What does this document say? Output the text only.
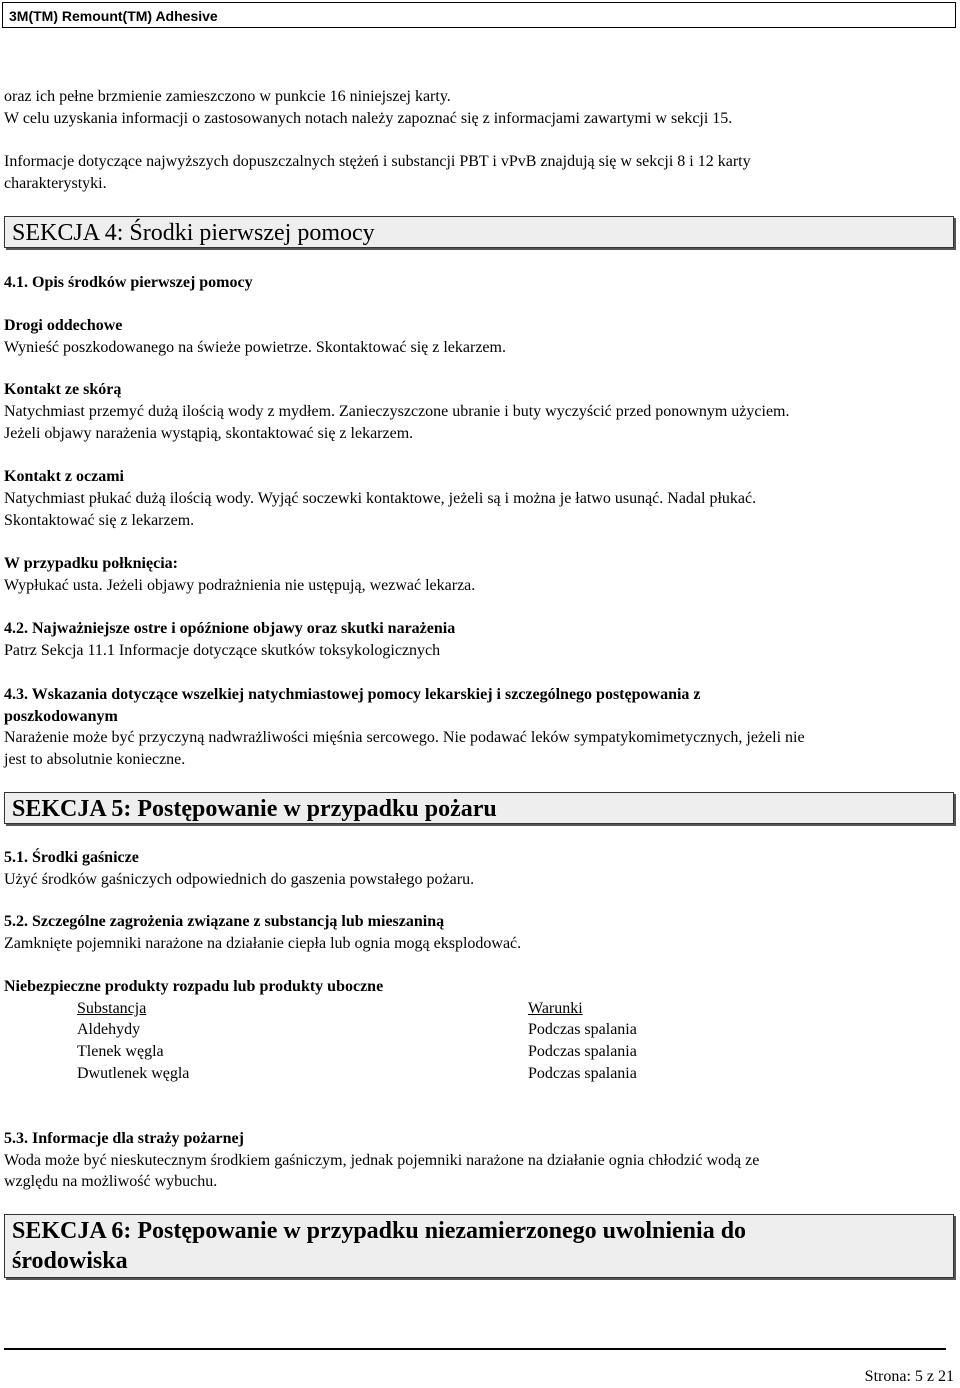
3M(TM) Remount(TM) Adhesive
oraz ich pełne brzmienie zamieszczono w punkcie 16 niniejszej karty.
W celu uzyskania informacji o zastosowanych notach należy zapoznać się z informacjami zawartymi w sekcji 15.
Informacje dotyczące najwyższych dopuszczalnych stężeń i substancji PBT i vPvB znajdują się w sekcji 8 i 12 karty
charakterystyki.
SEKCJA 4: Środki pierwszej pomocy
4.1. Opis środków pierwszej pomocy
Drogi oddechowe
Wynieść poszkodowanego na świeże powietrze. Skontaktować się z lekarzem.
Kontakt ze skórą
Natychmiast przemyć dużą ilością wody z mydłem. Zanieczyszczone ubranie i buty wyczyścić przed ponownym użyciem.
Jeżeli objawy narażenia wystąpią, skontaktować się z lekarzem.
Kontakt z oczami
Natychmiast płukać dużą ilością wody. Wyjąć soczewki kontaktowe, jeżeli są i można je łatwo usunąć. Nadal płukać.
Skontaktować się z lekarzem.
W przypadku połknięcia:
Wypłukać usta. Jeżeli objawy podrażnienia nie ustępują, wezwać lekarza.
4.2. Najważniejsze ostre i opóźnione objawy oraz skutki narażenia
Patrz Sekcja 11.1 Informacje dotyczące skutków toksykologicznych
4.3. Wskazania dotyczące wszelkiej natychmiastowej pomocy lekarskiej i szczególnego postępowania z
poszkodowanym
Narażenie może być przyczyną nadwrażliwości mięśnia sercowego. Nie podawać leków sympatykomimetycznych, jeżeli nie
jest to absolutnie konieczne.
SEKCJA 5: Postępowanie w przypadku pożaru
5.1. Środki gaśnicze
Użyć środków gaśniczych odpowiednich do gaszenia powstałego pożaru.
5.2. Szczególne zagrożenia związane z substancją lub mieszaniną
Zamknięte pojemniki narażone na działanie ciepła lub ognia mogą eksplodować.
Niebezpieczne produkty rozpadu lub produkty uboczne
Substancja	Warunki
Aldehydy	Podczas spalania
Tlenek węgla	Podczas spalania
Dwutlenek węgla	Podczas spalania
5.3. Informacje dla straży pożarnej
Woda może być nieskutecznym środkiem gaśniczym, jednak pojemniki narażone na działanie ognia chłodzić wodą ze
względu na możliwość wybuchu.
SEKCJA 6: Postępowanie w przypadku niezamierzonego uwolnienia do
środowiska
Strona: 5 z 21
